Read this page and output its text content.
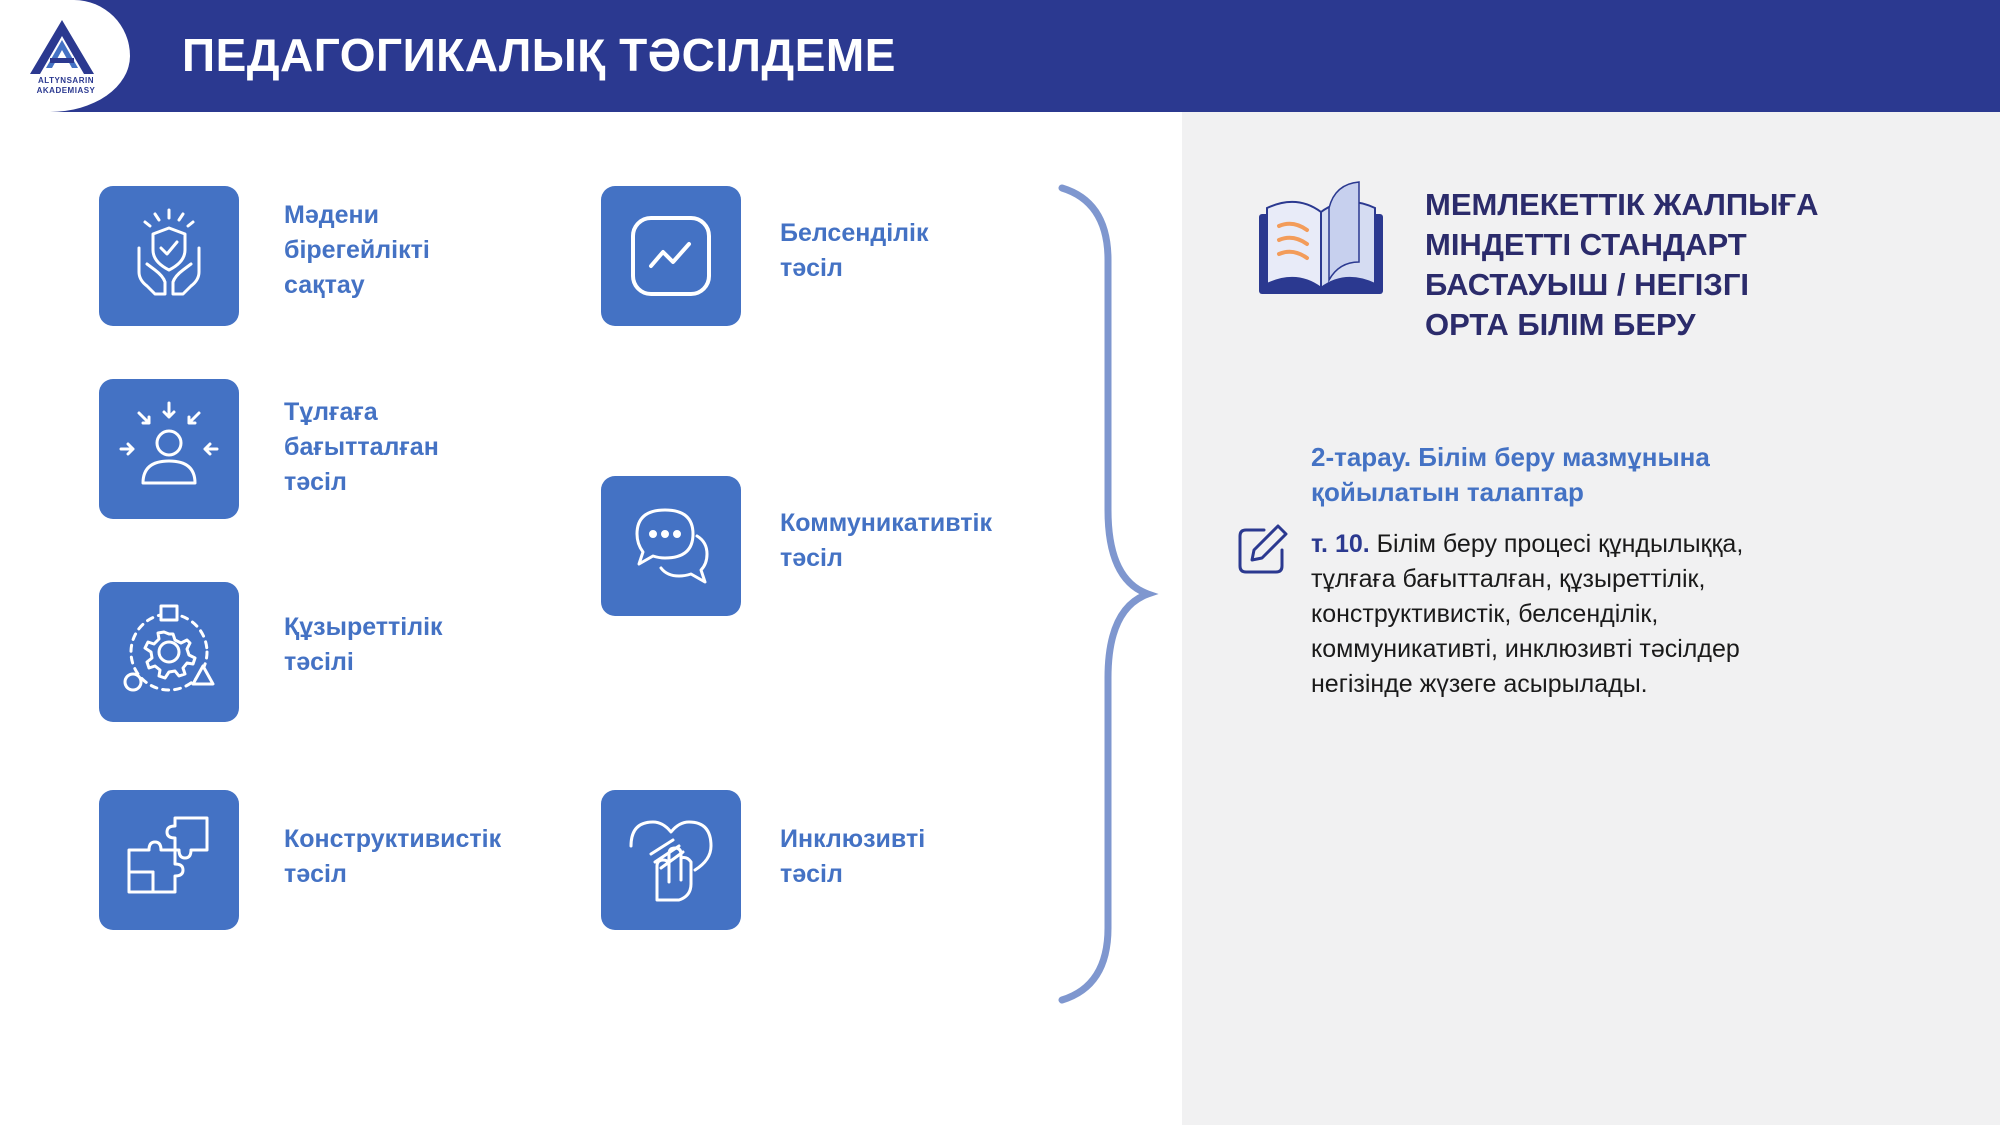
ALTYNSARIN
AKADEMIASY
ПЕДАГОГИКАЛЫҚ ТӘСІЛДЕМЕ
Мәдени
бірегейлікті
сақтау
Тұлғаға
бағытталған
тәсіл
Құзыреттілік
тәсілі
Конструктивистік
тәсіл
Белсенділік
тәсіл
Коммуникативтік
тәсіл
Инклюзивті
тәсіл
МЕМЛЕКЕТТІК ЖАЛПЫҒА
МІНДЕТТІ СТАНДАРТ
БАСТАУЫШ / НЕГІЗГІ
ОРТА БІЛІМ БЕРУ
2-тарау. Білім беру мазмұнына
қойылатын талаптар
т. 10. Білім беру процесі құндылыққа,
тұлғаға бағытталған, құзыреттілік,
конструктивистік, белсенділік,
коммуникативті, инклюзивті тәсілдер
негізінде жүзеге асырылады.
